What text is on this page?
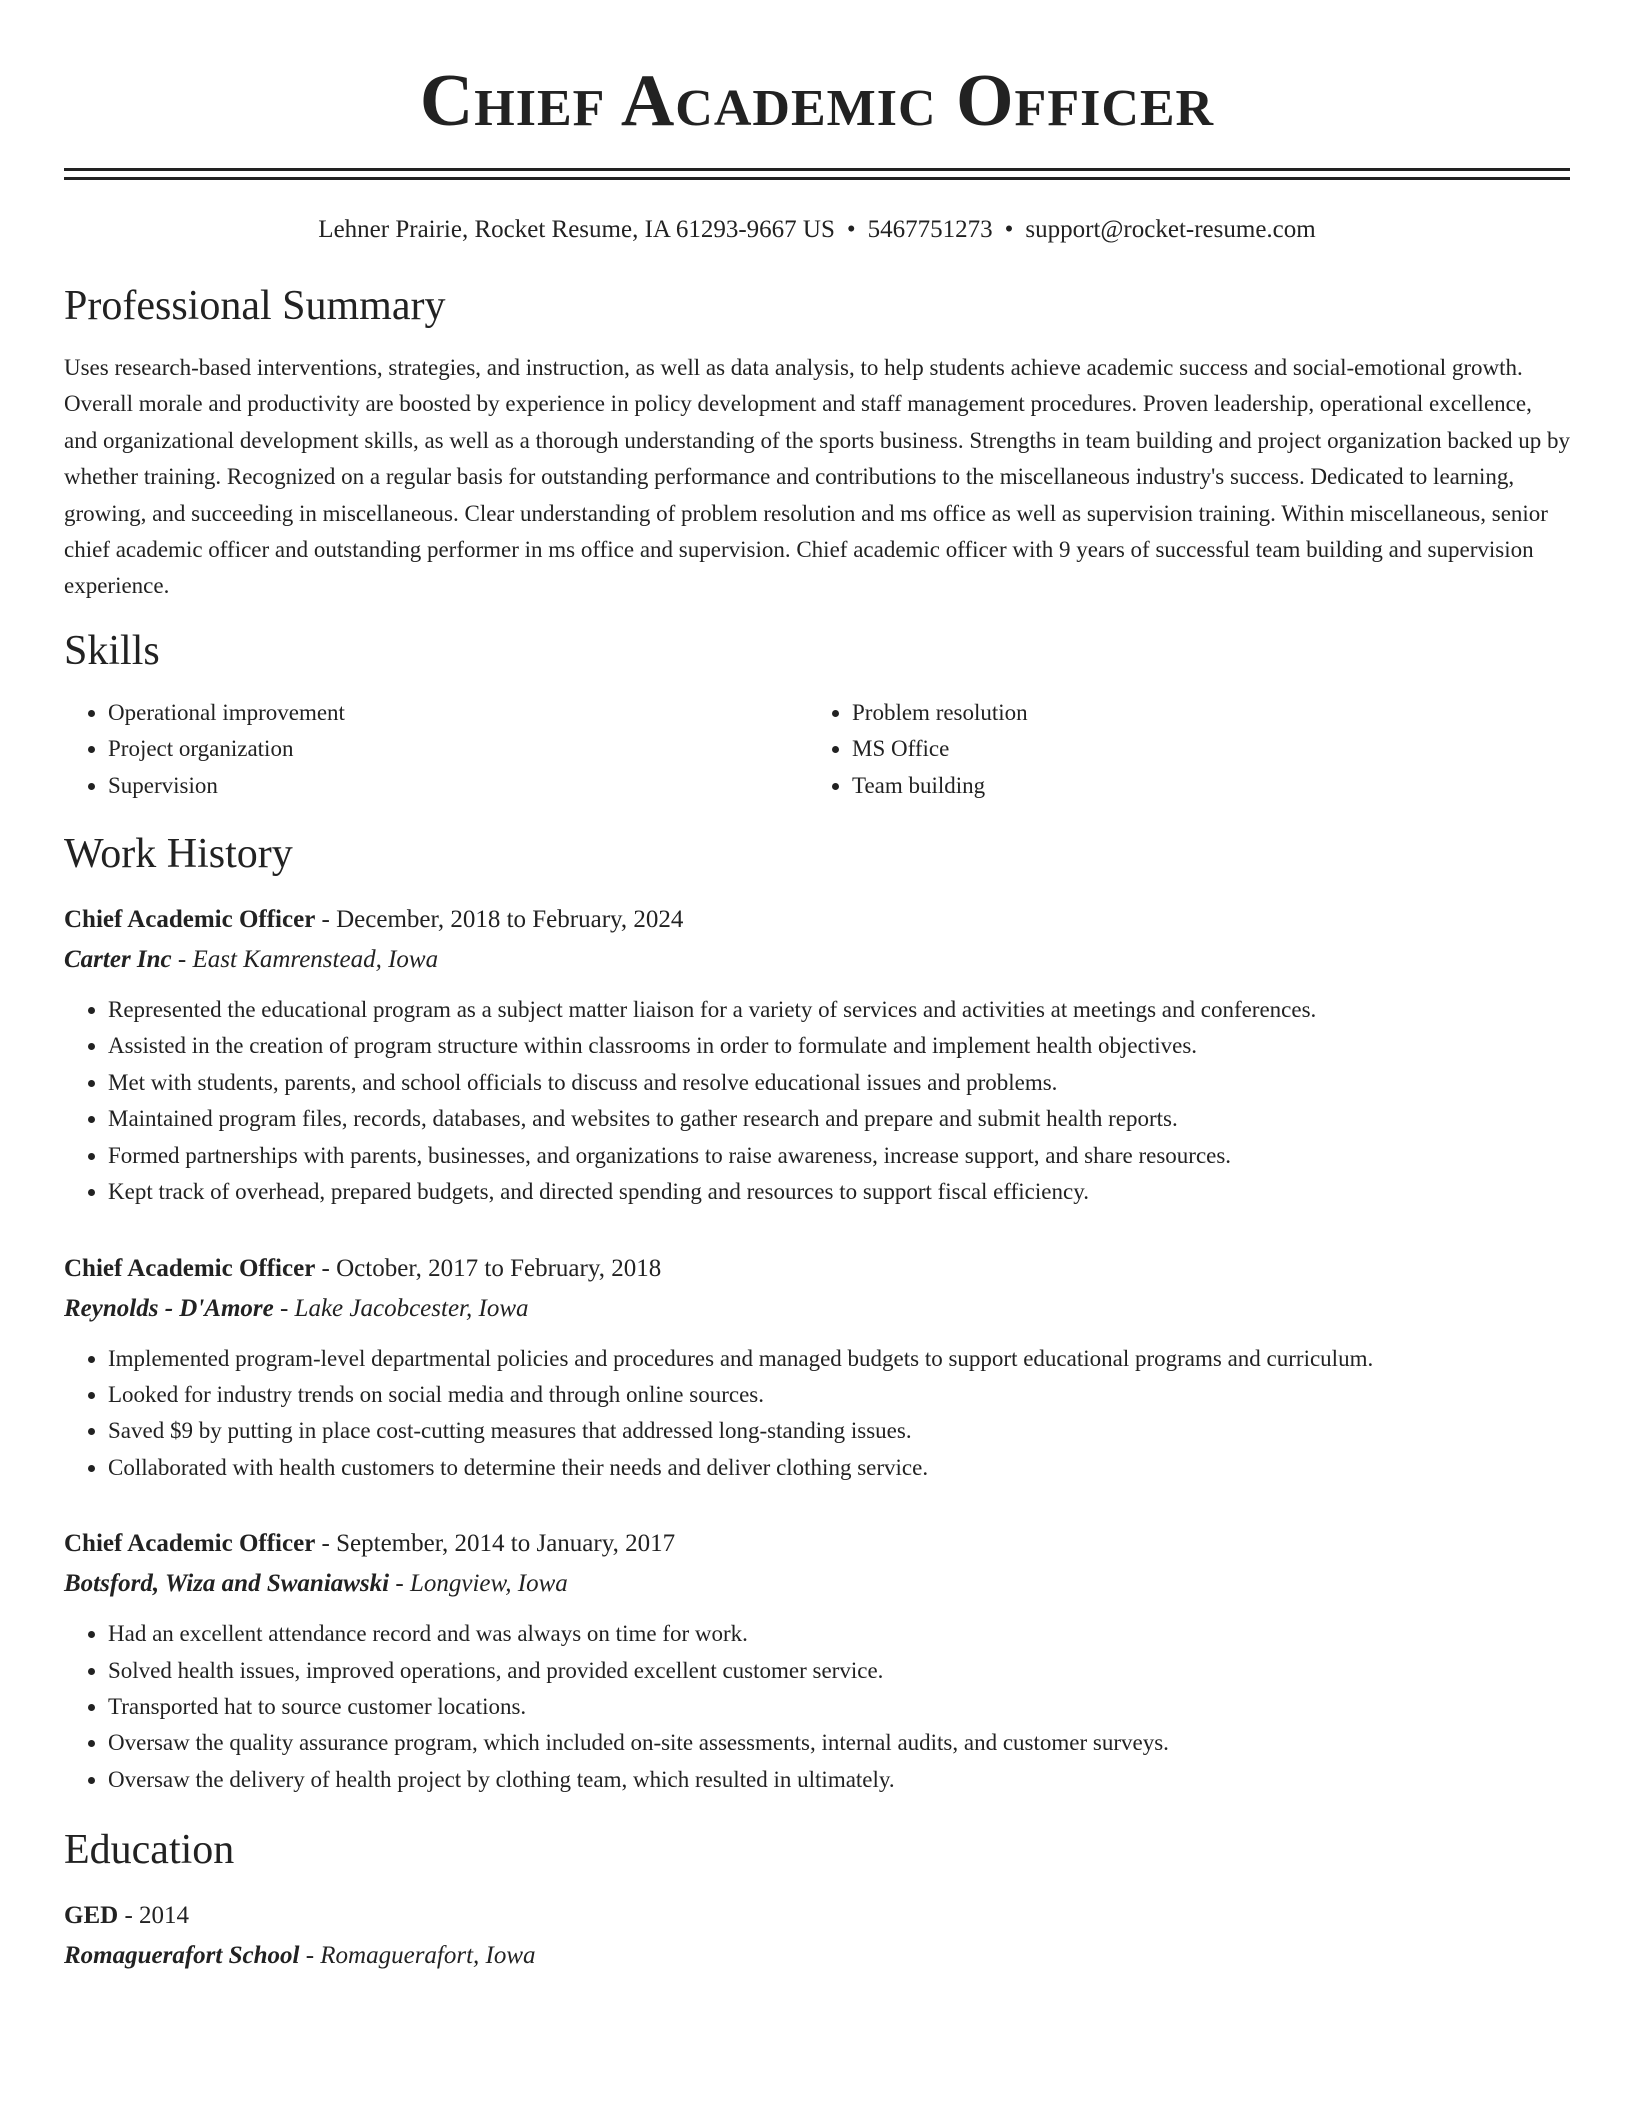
Chief Academic Officer
Lehner Prairie, Rocket Resume, IA 61293-9667 US • 5467751273 • support@rocket-resume.com
Professional Summary

Uses research-based interventions, strategies, and instruction, as well as data analysis, to help students achieve academic success and social-emotional growth. Overall morale and productivity are boosted by experience in policy development and staff management procedures. Proven leadership, operational excellence, and organizational development skills, as well as a thorough understanding of the sports business. Strengths in team building and project organization backed up by whether training. Recognized on a regular basis for outstanding performance and contributions to the miscellaneous industry's success. Dedicated to learning, growing, and succeeding in miscellaneous. Clear understanding of problem resolution and ms office as well as supervision training. Within miscellaneous, senior chief academic officer and outstanding performer in ms office and supervision. Chief academic officer with 9 years of successful team building and supervision experience.

Skills
• Operational improvement
• Project organization
• Supervision
• Problem resolution
• MS Office
• Team building
Work History
Chief Academic Officer - December, 2018 to February, 2024
Carter Inc - East Kamrenstead, Iowa
• Represented the educational program as a subject matter liaison for a variety of services and activities at meetings and conferences.
• Assisted in the creation of program structure within classrooms in order to formulate and implement health objectives.
• Met with students, parents, and school officials to discuss and resolve educational issues and problems.
• Maintained program files, records, databases, and websites to gather research and prepare and submit health reports.
• Formed partnerships with parents, businesses, and organizations to raise awareness, increase support, and share resources.
• Kept track of overhead, prepared budgets, and directed spending and resources to support fiscal efficiency.
Chief Academic Officer - October, 2017 to February, 2018
Reynolds - D'Amore - Lake Jacobcester, Iowa
• Implemented program-level departmental policies and procedures and managed budgets to support educational programs and curriculum.
• Looked for industry trends on social media and through online sources.
• Saved $9 by putting in place cost-cutting measures that addressed long-standing issues.
• Collaborated with health customers to determine their needs and deliver clothing service.
Chief Academic Officer - September, 2014 to January, 2017
Botsford, Wiza and Swaniawski - Longview, Iowa
• Had an excellent attendance record and was always on time for work.
• Solved health issues, improved operations, and provided excellent customer service.
• Transported hat to source customer locations.
• Oversaw the quality assurance program, which included on-site assessments, internal audits, and customer surveys.
• Oversaw the delivery of health project by clothing team, which resulted in ultimately.
Education
GED - 2014
Romaguerafort School - Romaguerafort, Iowa
